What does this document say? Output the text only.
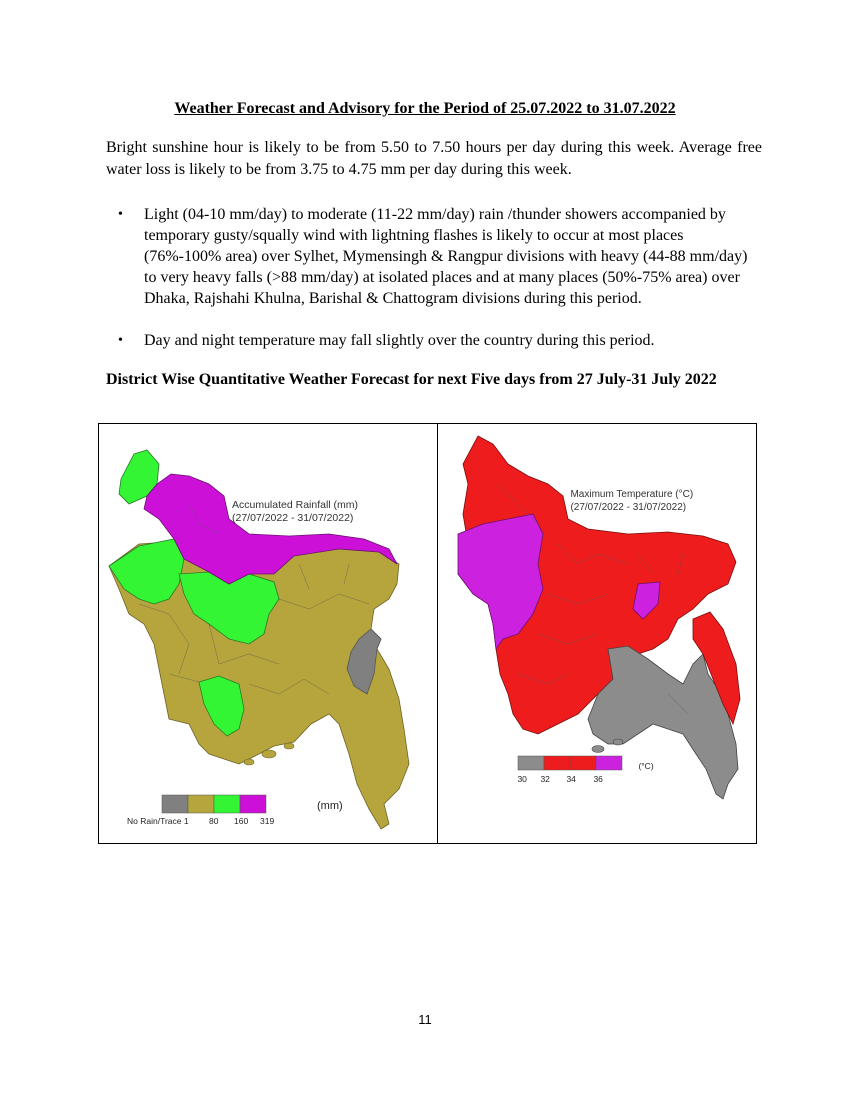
Weather Forecast and Advisory for the Period of 25.07.2022 to 31.07.2022
Bright sunshine hour is likely to be from 5.50 to 7.50 hours per day during this week. Average free water loss is likely to be from 3.75 to 4.75 mm per day during this week.
• Light (04-10 mm/day) to moderate (11-22 mm/day) rain /thunder showers accompanied by temporary gusty/squally wind with lightning flashes is likely to occur at most places (76%-100% area) over Sylhet, Mymensingh & Rangpur divisions with heavy (44-88 mm/day) to very heavy falls (>88 mm/day) at isolated places and at many places (50%-75% area) over Dhaka, Rajshahi Khulna, Barishal & Chattogram divisions during this period.
• Day and night temperature may fall slightly over the country during this period.
District Wise Quantitative Weather Forecast for next Five days from 27 July-31 July 2022
Accumulated Rainfall (mm)
(27/07/2022 - 31/07/2022)
No Rain/Trace 1 80 160 319
(mm)
Maximum Temperature (°C)
(27/07/2022 - 31/07/2022)
30 32 34 36
(°C)
11
